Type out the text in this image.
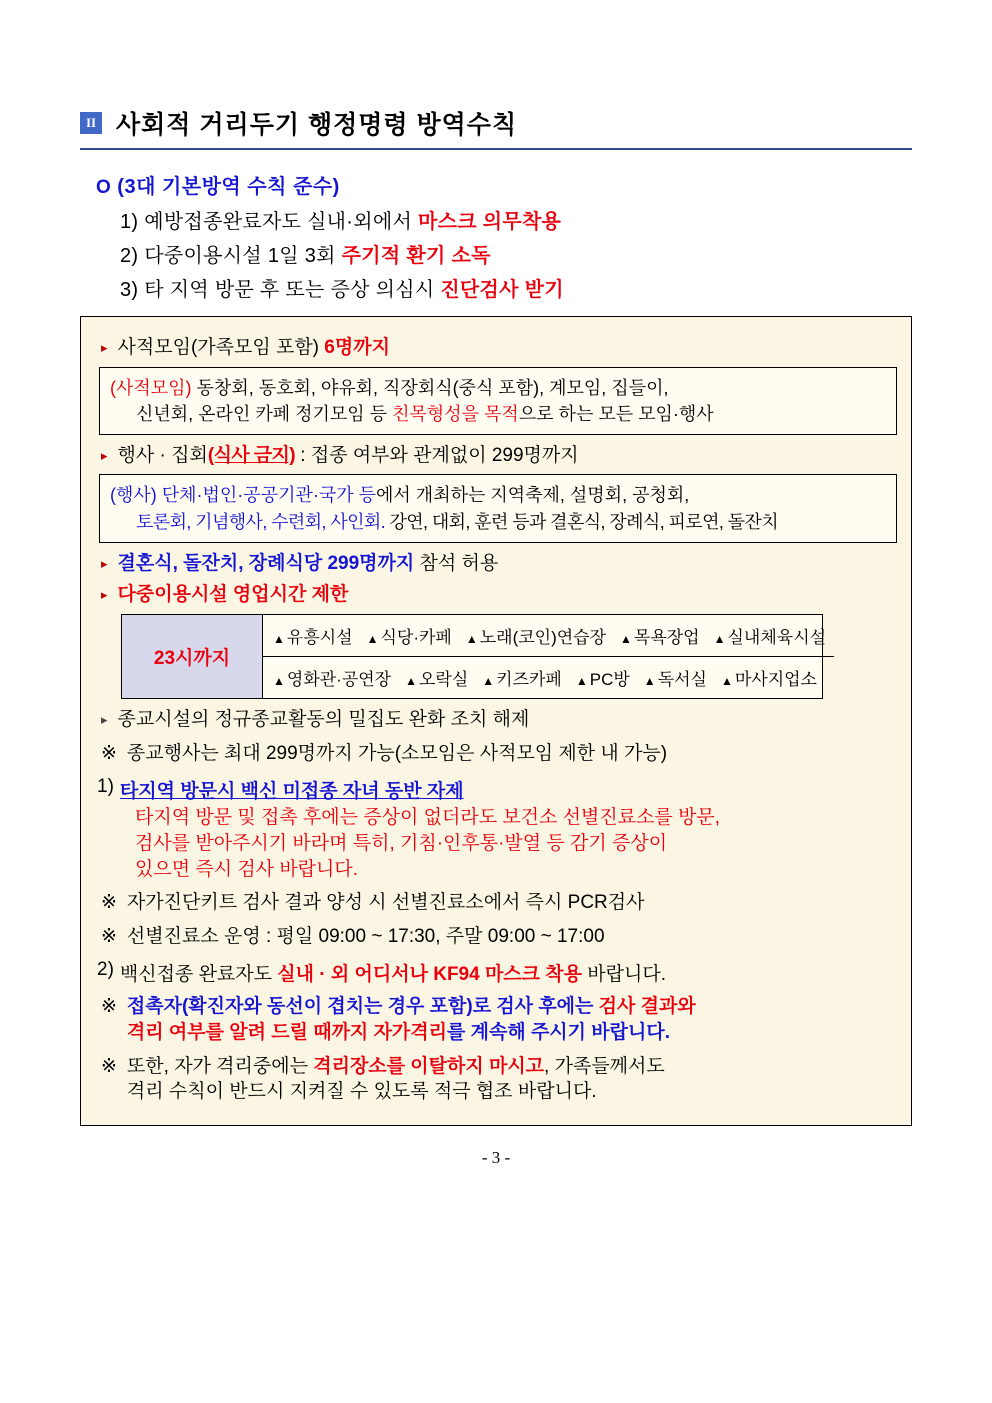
II 사회적 거리두기 행정명령 방역수칙
O (3대 기본방역 수칙 준수)
1) 예방접종완료자도 실내·외에서 마스크 의무착용
2) 다중이용시설 1일 3회 주기적 환기 소독
3) 타 지역 방문 후 또는 증상 의심시 진단검사 받기
▸ 사적모임(가족모임 포함) 6명까지
(사적모임) 동창회, 동호회, 야유회, 직장회식(중식 포함), 계모임, 집들이,
신년회, 온라인 카페 정기모임 등 친목형성을 목적으로 하는 모든 모임·행사
▸ 행사 · 집회(식사 금지) : 접종 여부와 관계없이 299명까지
(행사) 단체·법인·공공기관·국가 등에서 개최하는 지역축제, 설명회, 공청회,
토론회, 기념행사, 수련회, 사인회. 강연, 대회, 훈련 등과 결혼식, 장례식, 피로연, 돌잔치
▸ 결혼식, 돌잔치, 장례식당 299명까지 참석 허용
▸ 다중이용시설 영업시간 제한
23시까지
▲ 유흥시설	▲ 식당·카페	▲ 노래(코인)연습장	▲ 목욕장업	▲ 실내체육시설
▲ 영화관·공연장	▲ 오락실	▲ 키즈카페	▲ PC방	▲ 독서실	▲ 마사지업소
▸ 종교시설의 정규종교활동의 밀집도 완화 조치 해제
※ 종교행사는 최대 299명까지 가능(소모임은 사적모임 제한 내 가능)
1) 타지역 방문시 백신 미접종 자녀 동반 자제
타지역 방문 및 접촉 후에는 증상이 없더라도 보건소 선별진료소를 방문,
검사를 받아주시기 바라며 특히, 기침·인후통·발열 등 감기 증상이
있으면 즉시 검사 바랍니다.
※ 자가진단키트 검사 결과 양성 시 선별진료소에서 즉시 PCR검사
※ 선별진료소 운영 : 평일 09:00 ~ 17:30, 주말 09:00 ~ 17:00
2) 백신접종 완료자도 실내 · 외 어디서나 KF94 마스크 착용 바랍니다.
※ 접촉자(확진자와 동선이 겹치는 경우 포함)로 검사 후에는 검사 결과와
격리 여부를 알려 드릴 때까지 자가격리를 계속해 주시기 바랍니다.
※ 또한, 자가 격리중에는 격리장소를 이탈하지 마시고, 가족들께서도
격리 수칙이 반드시 지켜질 수 있도록 적극 협조 바랍니다.
- 3 -
